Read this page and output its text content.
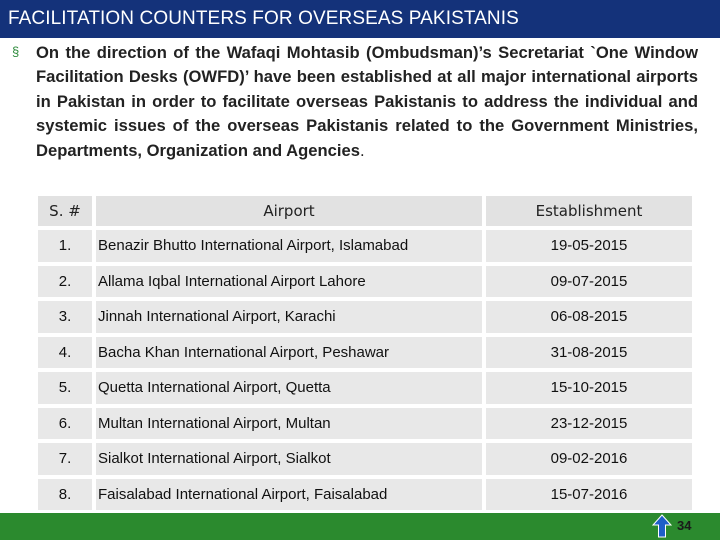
FACILITATION COUNTERS FOR OVERSEAS PAKISTANIS
§ On the direction of the Wafaqi Mohtasib (Ombudsman)’s Secretariat `One Window Facilitation Desks (OWFD)’ have been established at all major international airports in Pakistan in order to facilitate overseas Pakistanis to address the individual and systemic issues of the overseas Pakistanis related to the Government Ministries, Departments, Organization and Agencies.

S. #	Airport	Establishment
1.	Benazir Bhutto International Airport, Islamabad	19-05-2015
2.	Allama Iqbal International Airport Lahore	09-07-2015
3.	Jinnah International Airport, Karachi	06-08-2015
4.	Bacha Khan International Airport, Peshawar	31-08-2015
5.	Quetta International Airport, Quetta	15-10-2015
6.	Multan International Airport, Multan	23-12-2015
7.	Sialkot International Airport, Sialkot	09-02-2016
8.	Faisalabad International Airport, Faisalabad	15-07-2016
34
